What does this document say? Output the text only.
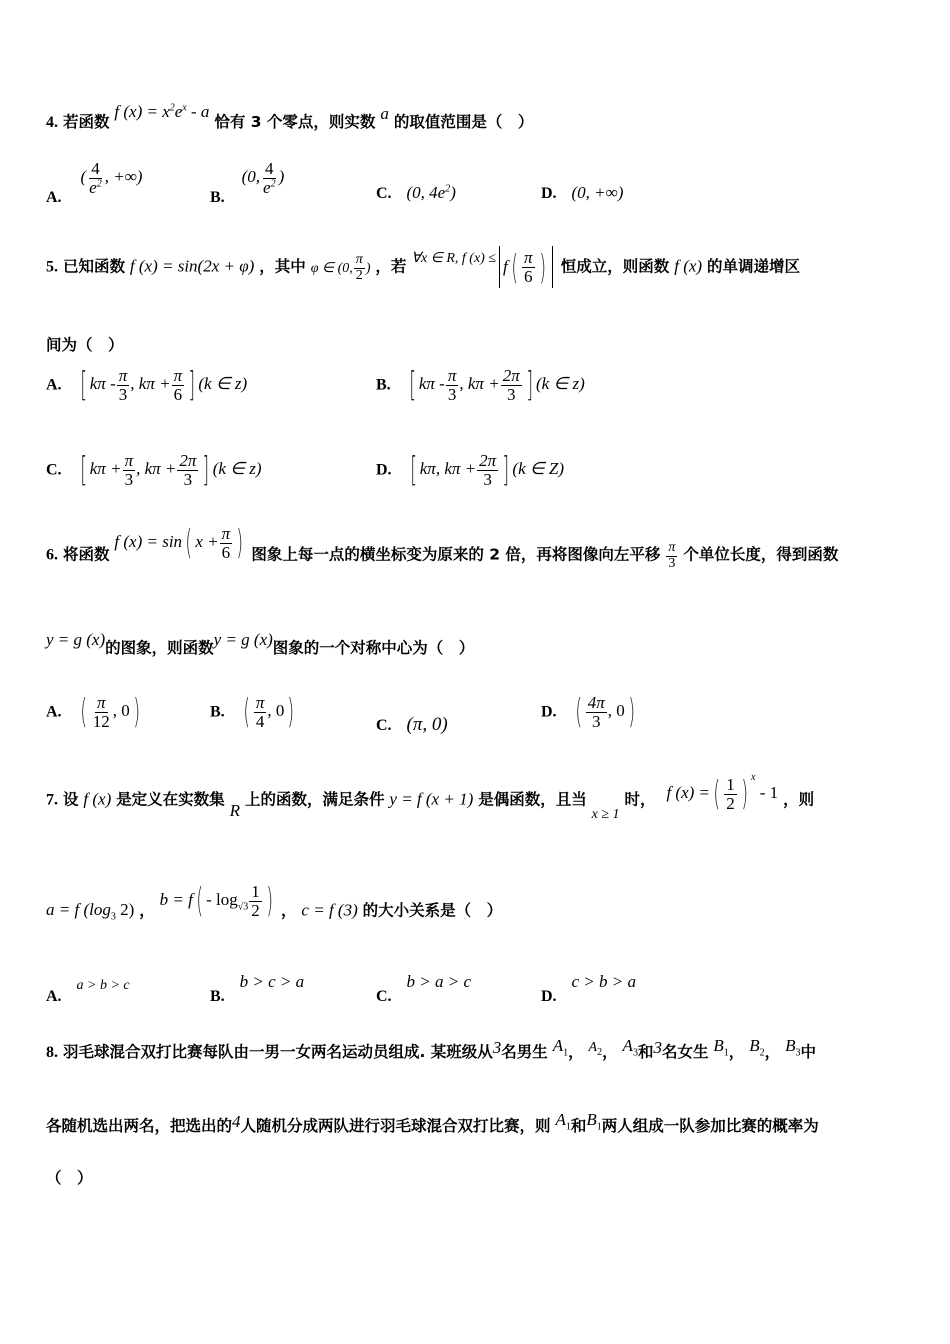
4. 若函数 f $(x) = x^2e^x - a$ 恰有 3 个零点，则实数 a 的取值范围是（　）
A. ( $\frac{4}{e^2}$ , +∞)
B. (0, $\frac{4}{e^2}$ )
C. (0, $4e^2$)	D. (0, +∞)
5. 已知函数 f (x) = sin(2x + φ) ，其中 φ ∈ (0, $\frac{\pi}{2}$ ) ，若 ∀x ∈ R, f $(x) \le f( \frac{\pi}{6}$ ) 恒成立，则函数 f (x) 的单调递增区
间为（　）
A. [ kπ - $\frac{\pi}{3}$ , $k\pi + \frac{\pi}{6}$ ] (k ∈ z)	B. [ kπ - $\frac{\pi}{3}$ , $k\pi + \frac{2\pi}{3}$ ] (k ∈ z)
C. [ $k\pi + \frac{\pi}{3}$ , $k\pi + \frac{2\pi}{3}$ ] (k ∈ z)	D. [ kπ, $k\pi + \frac{2\pi}{3}$ ] (k ∈ Z)
6. 将函数 f (x) = sin( $x + \frac{\pi}{6}$ ) 图象上每一点的横坐标变为原来的 2 倍，再将图像向左平移 $\frac{\pi}{3}$ 个单位长度，得到函数
y = g (x)的图象，则函数y = g (x)图象的一个对称中心为（　）
A. ( $\frac{\pi}{12}$ , 0)	B. ( $\frac{\pi}{4}$ , 0)	C. (π, 0)
D. ( $\frac{4\pi}{3}$ , 0)
7. 设 f (x) 是定义在实数集 R 上的函数，满足条件 y = f (x + 1) 是偶函数，且当 x ≥ 1 时， f (x) =( $\frac{1}{2}$ ) $^x$ - 1 ，则
a = f ($\log_3$ 2) ， $b = f( - \log_{√3} \frac{1}{2}$ ) ， c = f (3) 的大小关系是（　）
A. a > b > c
B. b > c > a
C. b > a > c
D. c > b > a
8. 羽毛球混合双打比赛每队由一男一女两名运动员组成. 某班级从3名男生 $A_1$， $A_2$， $A_3$和3名女生 $B_1$， $B_2$， $B_3$中
各随机选出两名，把选出的4人随机分成两队进行羽毛球混合双打比赛，则 $A_1$和$B_1$两人组成一队参加比赛的概率为
（　）
